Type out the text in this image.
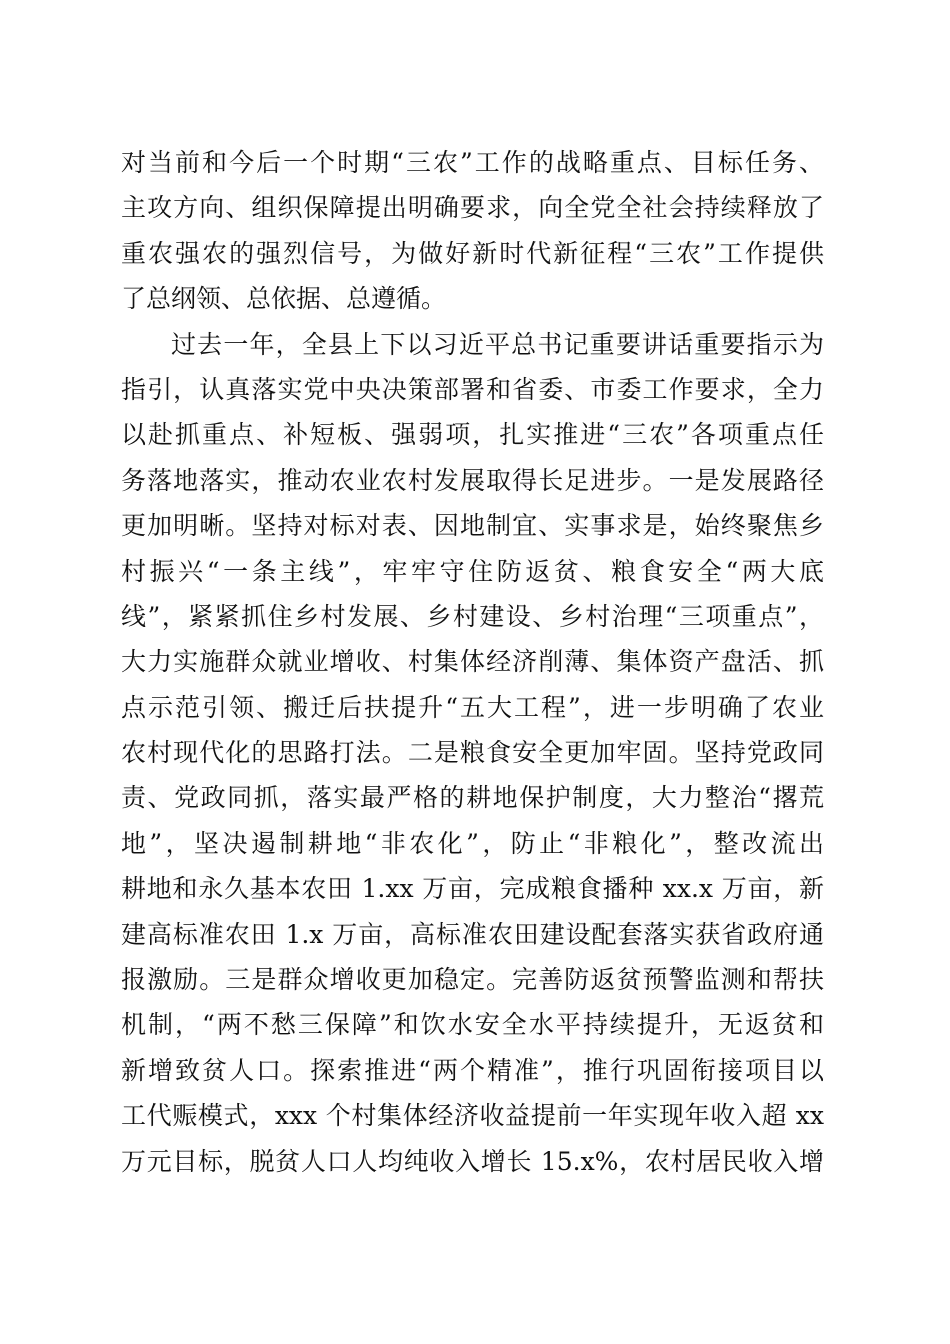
对当前和今后一个时期“三农”工作的战略重点、目标任务、
主攻方向、组织保障提出明确要求，向全党全社会持续释放了
重农强农的强烈信号，为做好新时代新征程“三农”工作提供
了总纲领、总依据、总遵循。
过去一年，全县上下以习近平总书记重要讲话重要指示为
指引，认真落实党中央决策部署和省委、市委工作要求，全力
以赴抓重点、补短板、强弱项，扎实推进“三农”各项重点任
务落地落实，推动农业农村发展取得长足进步。一是发展路径
更加明晰。坚持对标对表、因地制宜、实事求是，始终聚焦乡
村振兴“一条主线”，牢牢守住防返贫、粮食安全“两大底
线”，紧紧抓住乡村发展、乡村建设、乡村治理“三项重点”，
大力实施群众就业增收、村集体经济削薄、集体资产盘活、抓
点示范引领、搬迁后扶提升“五大工程”，进一步明确了农业
农村现代化的思路打法。二是粮食安全更加牢固。坚持党政同
责、党政同抓，落实最严格的耕地保护制度，大力整治“撂荒
地”，坚决遏制耕地“非农化”，防止“非粮化”，整改流出
耕地和永久基本农田 1.xx 万亩，完成粮食播种 xx.x 万亩，新
建高标准农田 1.x 万亩，高标准农田建设配套落实获省政府通
报激励。三是群众增收更加稳定。完善防返贫预警监测和帮扶
机制，“两不愁三保障”和饮水安全水平持续提升，无返贫和
新增致贫人口。探索推进“两个精准”，推行巩固衔接项目以
工代赈模式，xxx 个村集体经济收益提前一年实现年收入超 xx
万元目标，脱贫人口人均纯收入增长 15.x%，农村居民收入增
